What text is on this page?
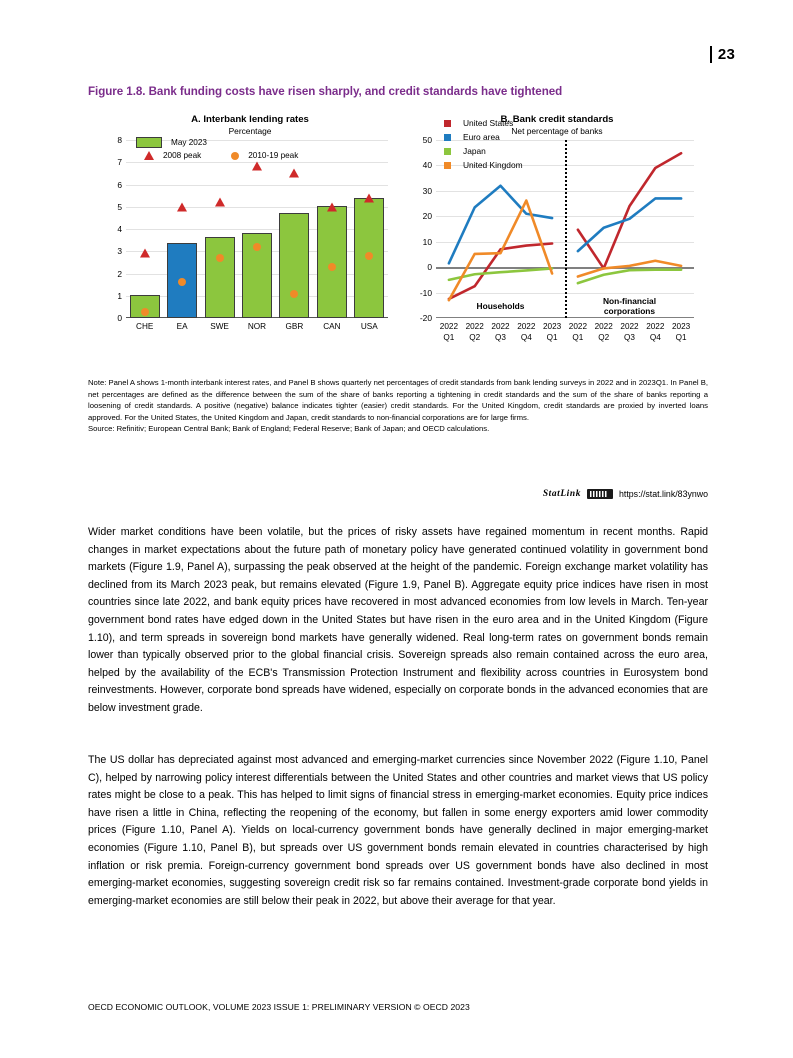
23
Figure 1.8. Bank funding costs have risen sharply, and credit standards have tightened
A. Interbank lending rates
Percentage
May 2023
2008 peak	2010-19 peak
0
1
2
3
4
5
6
7
8
CHE	EA	SWE NOR GBR CAN USA
B. Bank credit standards
Net percentage of banks
United States
Euro area
Japan
United Kingdom
-20
-10
0
10
20
30
40
50
Households
Non-financial
corporations
2022
Q1
2022
Q2
2022
Q3
2022
Q4
2023
Q1
2022
Q1
2022
Q2
2022
Q3
2022
Q4
2023
Q1
Note: Panel A shows 1-month interbank interest rates, and Panel B shows quarterly net percentages of credit standards from bank lending surveys in 2022 and in 2023Q1. In Panel B, net percentages are defined as the difference between the sum of the share of banks reporting a tightening in credit standards and the sum of the share of banks reporting a loosening of credit standards. A positive (negative) balance indicates tighter (easier) credit standards. For the United Kingdom, credit standards are proxied by inverted loans approved. For the United States, the United Kingdom and Japan, credit standards to non-financial corporations are for large firms.
Source: Refinitiv; European Central Bank; Bank of England; Federal Reserve; Bank of Japan; and OECD calculations.
StatLink	https://stat.link/83ynwo

Wider market conditions have been volatile, but the prices of risky assets have regained momentum in recent months. Rapid changes in market expectations about the future path of monetary policy have generated continued volatility in government bond markets (Figure 1.9, Panel A), surpassing the peak observed at the height of the pandemic. Foreign exchange market volatility has declined from its March 2023 peak, but remains elevated (Figure 1.9, Panel B). Aggregate equity price indices have risen in most countries since late 2022, and bank equity prices have recovered in most advanced economies from low levels in March. Ten-year government bond rates have edged down in the United States but have risen in the euro area and in the United Kingdom (Figure 1.10), and term spreads in sovereign bond markets have generally widened. Real long-term rates on government bonds remain lower than typically observed prior to the global financial crisis. Sovereign spreads also remain contained across the euro area, helped by the availability of the ECB's Transmission Protection Instrument and flexibility across countries in Eurosystem bond reinvestments. However, corporate bond spreads have widened, especially on corporate bonds in the advanced economies that are below investment grade.

The US dollar has depreciated against most advanced and emerging-market currencies since November 2022 (Figure 1.10, Panel C), helped by narrowing policy interest differentials between the United States and other countries and market views that US policy rates might be close to a peak. This has helped to limit signs of financial stress in emerging-market economies. Equity price indices have risen a little in China, reflecting the reopening of the economy, but fallen in some energy exporters amid lower commodity prices (Figure 1.10, Panel A). Yields on local-currency government bonds have generally declined in major emerging-market economies (Figure 1.10, Panel B), but spreads over US government bonds remain elevated in countries characterised by high inflation or risk premia. Foreign-currency government bond spreads over US government bonds have also declined in most emerging-market economies, suggesting sovereign credit risk so far remains contained. Investment-grade corporate bond yields in emerging-market economies are still below their peak in 2022, but above their average for that year.

OECD ECONOMIC OUTLOOK, VOLUME 2023 ISSUE 1: PRELIMINARY VERSION © OECD 2023
